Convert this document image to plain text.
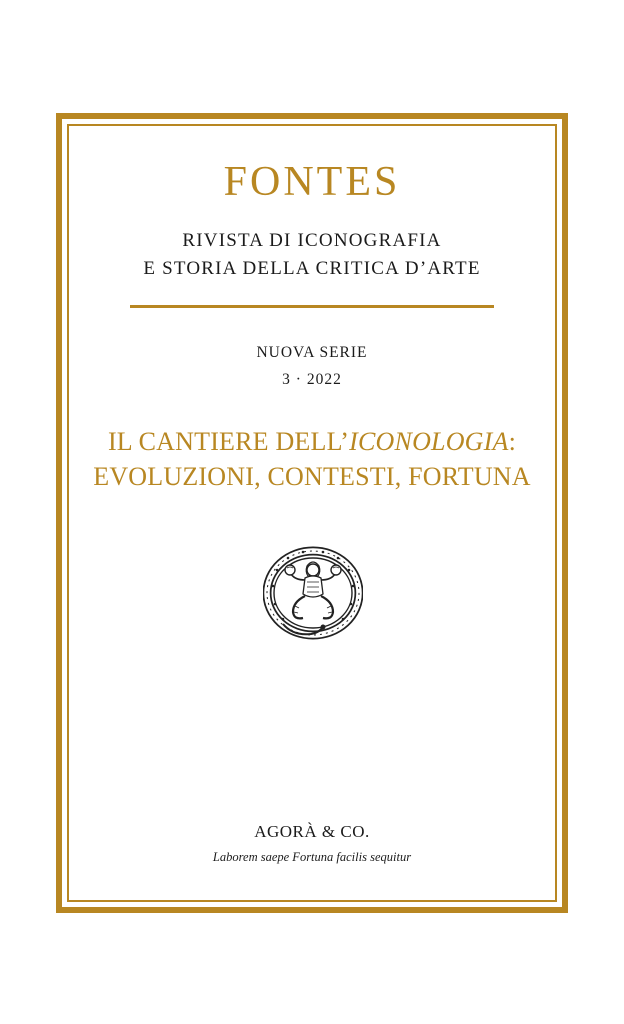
FONTES
RIVISTA DI ICONOGRAFIA
E STORIA DELLA CRITICA D’ARTE
NUOVA SERIE
3 · 2022
IL CANTIERE DELL’ICONOLOGIA:
EVOLUZIONI, CONTESTI, FORTUNA
AGORÀ & CO.
Laborem saepe Fortuna facilis sequitur
